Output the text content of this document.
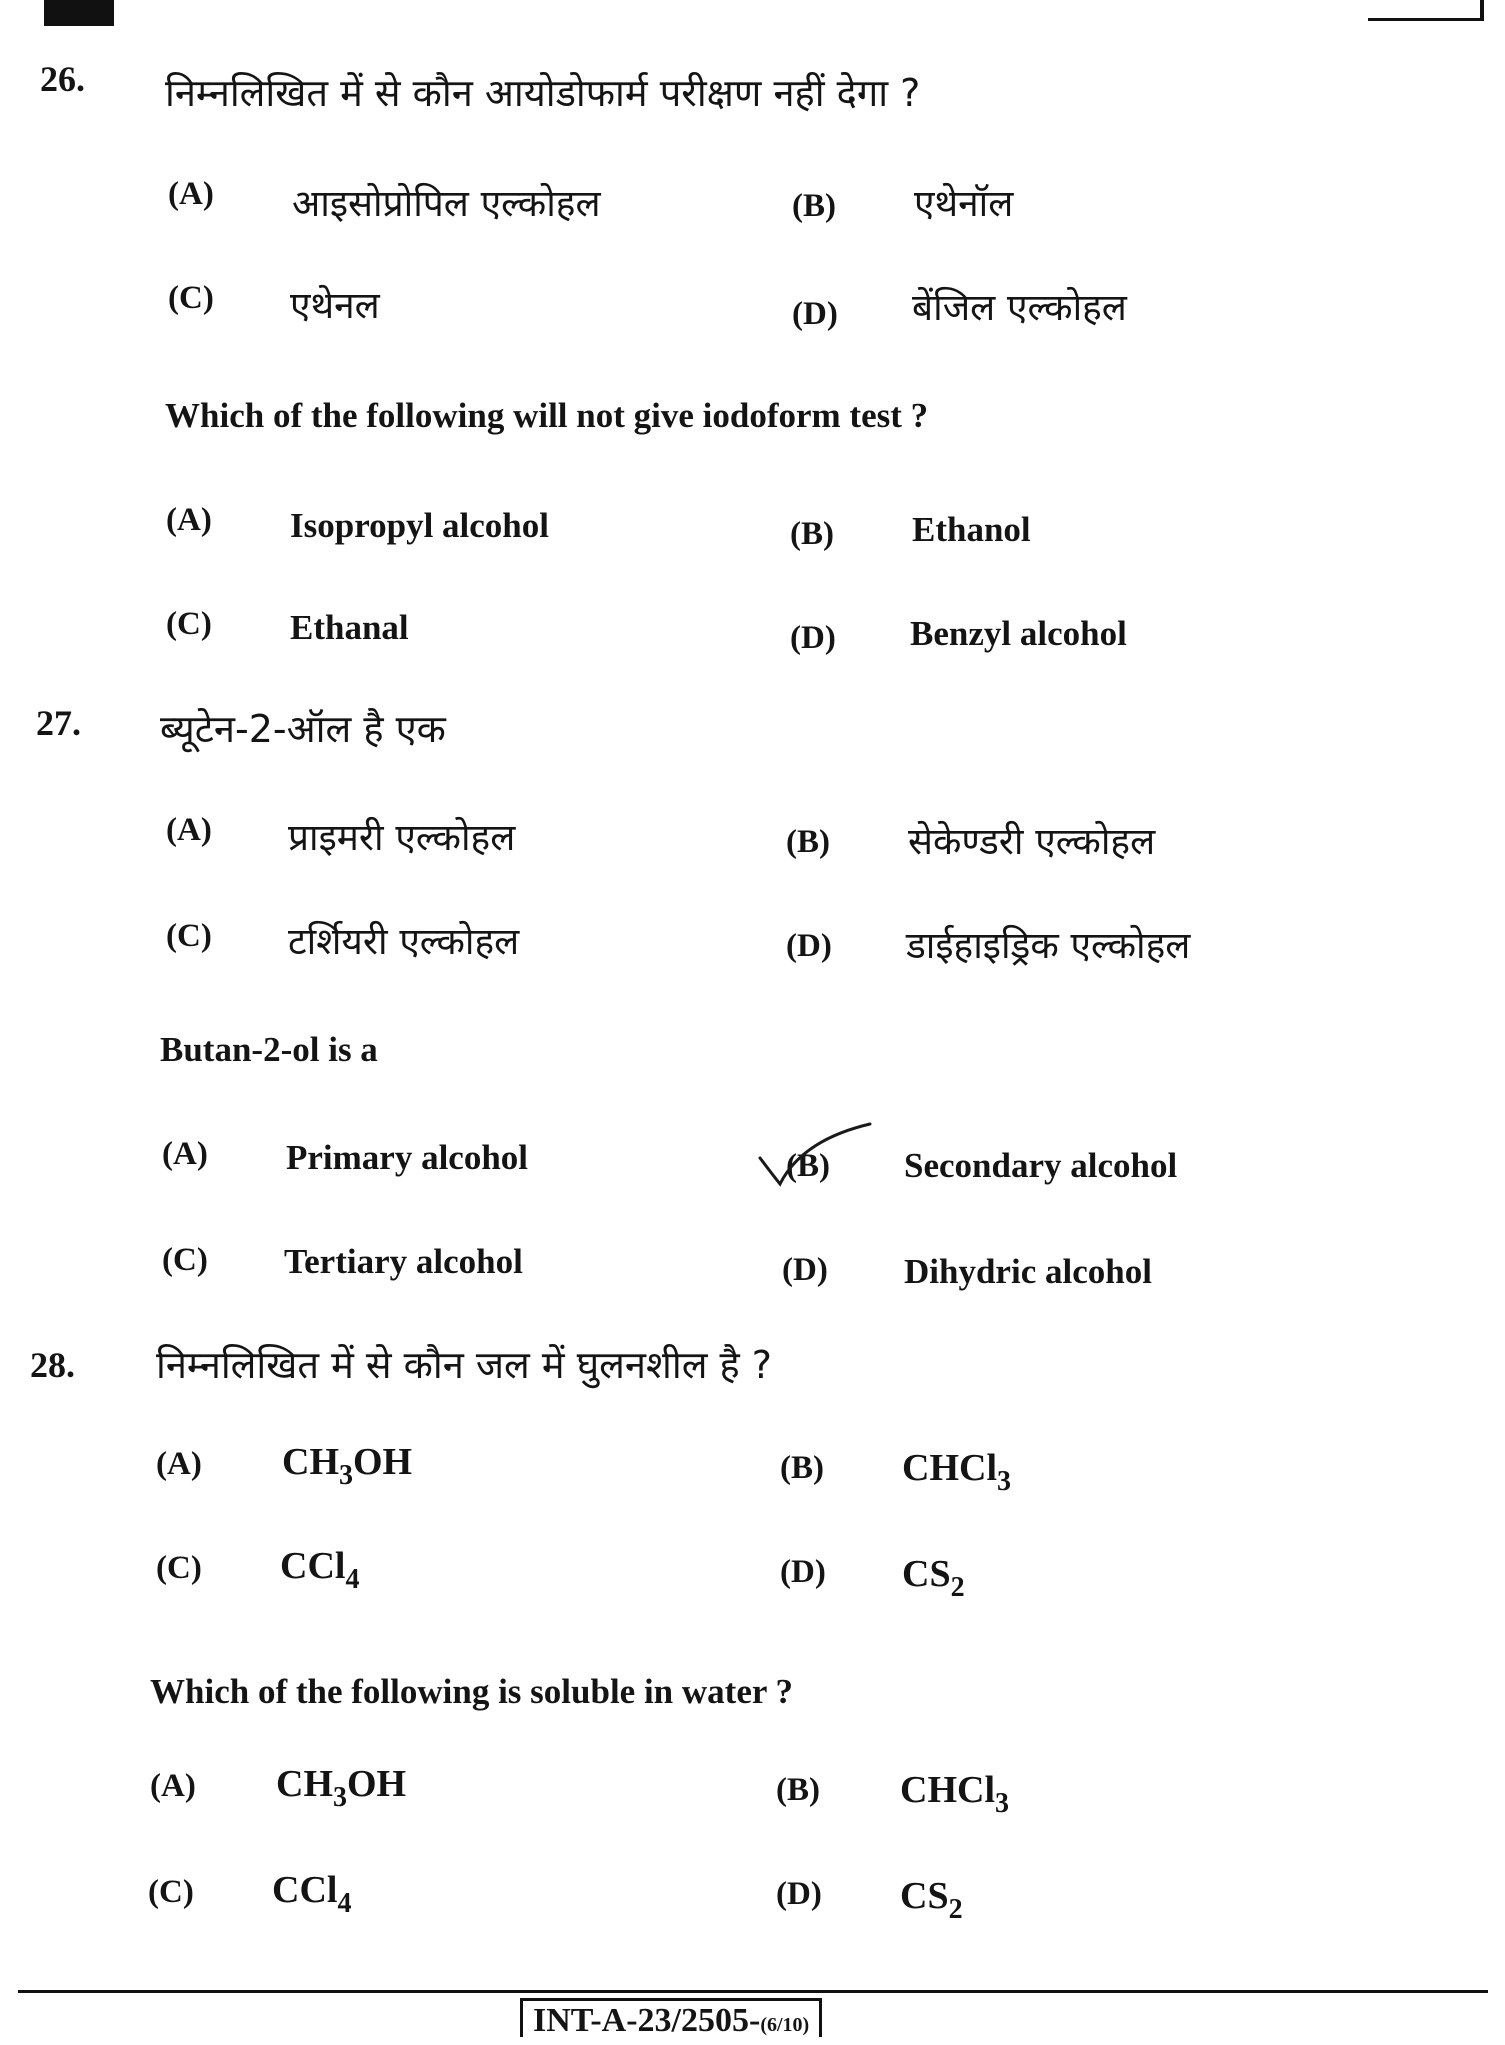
26. निम्नलिखित में से कौन आयोडोफार्म परीक्षण नहीं देगा ?
(A) आइसोप्रोपिल एल्कोहल	(B) एथेनॉल
(C) एथेनल	(D) बेंजिल एल्कोहल
Which of the following will not give iodoform test ?
(A) Isopropyl alcohol	(B) Ethanol
(C) Ethanal	(D) Benzyl alcohol
27. ब्यूटेन-2-ऑल है एक
(A) प्राइमरी एल्कोहल	(B) सेकेण्डरी एल्कोहल
(C) टर्शियरी एल्कोहल	(D) डाईहाइड्रिक एल्कोहल
Butan-2-ol is a
(A) Primary alcohol	(B) Secondary alcohol
(C) Tertiary alcohol	(D) Dihydric alcohol
28. निम्नलिखित में से कौन जल में घुलनशील है ?
(A) $CH_3OH$	(B) CHCl$_3$
(C) CCl$_4$	(D) $CS_2$
Which of the following is soluble in water ?
(A) $CH_3OH$	(B) CHCl$_3$
(C) CCl$_4$	(D) $CS_2$
INT-A-23/2505-(6/10)
